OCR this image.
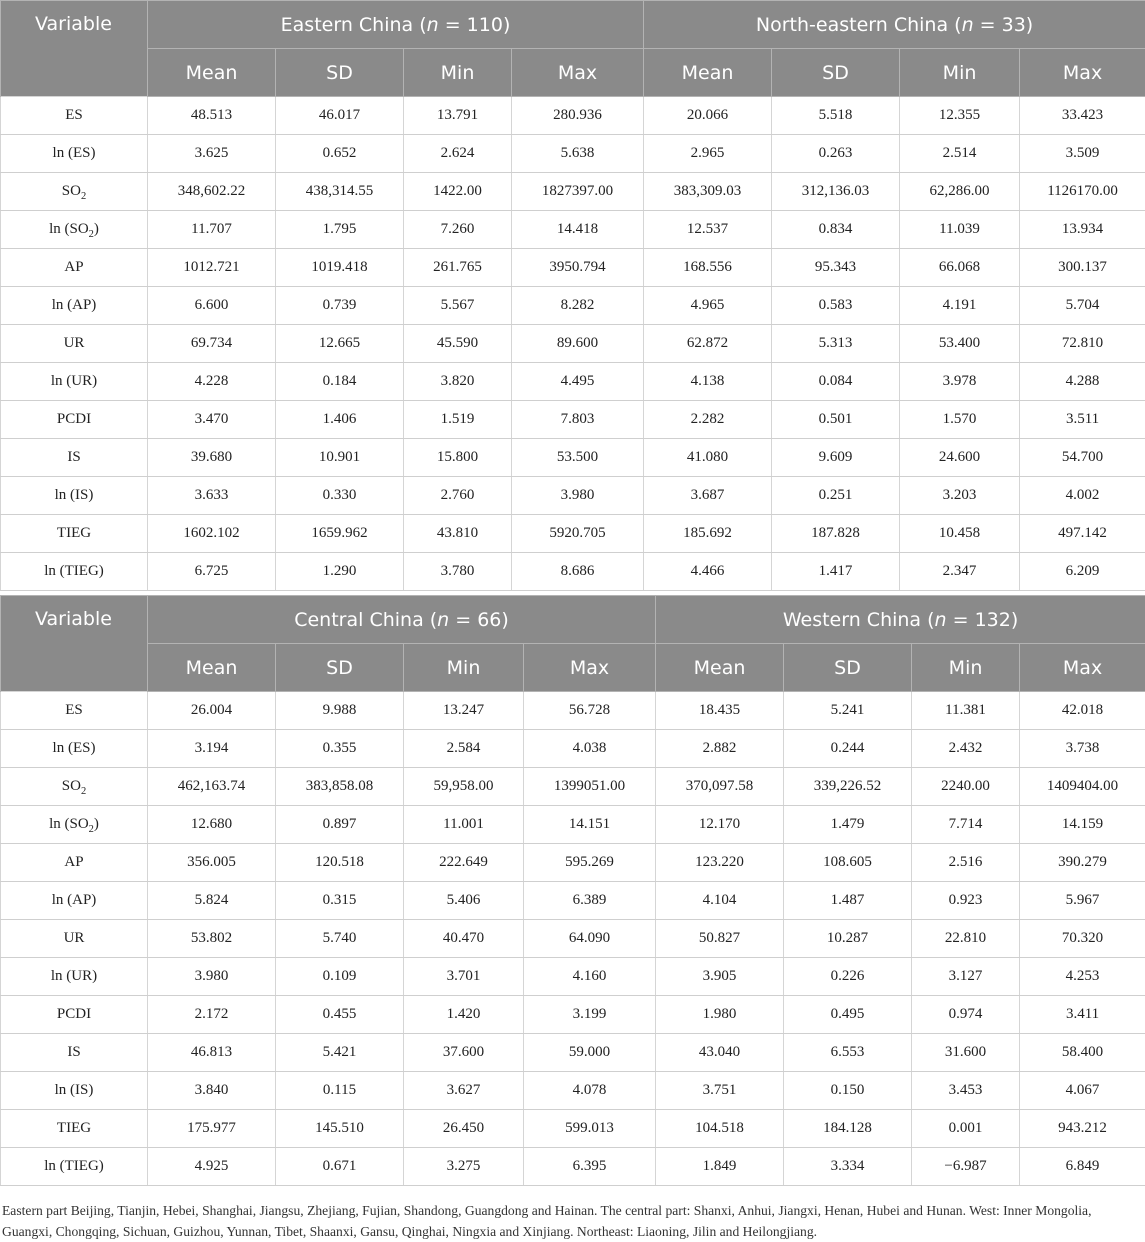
Variable	Eastern China (n = 110)				North-eastern China (n = 33)			
	Mean	SD	Min	Max	Mean	SD	Min	Max
ES	48.513	46.017	13.791	280.936	20.066	5.518	12.355	33.423
ln (ES)	3.625	0.652	2.624	5.638	2.965	0.263	2.514	3.509
$SO_2$	348,602.22	438,314.55	1422.00	1827397.00	383,309.03	312,136.03	62,286.00	1126170.00
$\ln (SO_2)$	11.707	1.795	7.260	14.418	12.537	0.834	11.039	13.934
AP	1012.721	1019.418	261.765	3950.794	168.556	95.343	66.068	300.137
ln (AP)	6.600	0.739	5.567	8.282	4.965	0.583	4.191	5.704
UR	69.734	12.665	45.590	89.600	62.872	5.313	53.400	72.810
ln (UR)	4.228	0.184	3.820	4.495	4.138	0.084	3.978	4.288
PCDI	3.470	1.406	1.519	7.803	2.282	0.501	1.570	3.511
IS	39.680	10.901	15.800	53.500	41.080	9.609	24.600	54.700
ln (IS)	3.633	0.330	2.760	3.980	3.687	0.251	3.203	4.002
TIEG	1602.102	1659.962	43.810	5920.705	185.692	187.828	10.458	497.142
ln (TIEG)	6.725	1.290	3.780	8.686	4.466	1.417	2.347	6.209
Variable	Central China (n = 66)				Western China (n = 132)			
	Mean	SD	Min	Max	Mean	SD	Min	Max
ES	26.004	9.988	13.247	56.728	18.435	5.241	11.381	42.018
ln (ES)	3.194	0.355	2.584	4.038	2.882	0.244	2.432	3.738
$SO_2$	462,163.74	383,858.08	59,958.00	1399051.00	370,097.58	339,226.52	2240.00	1409404.00
$\ln (SO_2)$	12.680	0.897	11.001	14.151	12.170	1.479	7.714	14.159
AP	356.005	120.518	222.649	595.269	123.220	108.605	2.516	390.279
ln (AP)	5.824	0.315	5.406	6.389	4.104	1.487	0.923	5.967
UR	53.802	5.740	40.470	64.090	50.827	10.287	22.810	70.320
ln (UR)	3.980	0.109	3.701	4.160	3.905	0.226	3.127	4.253
PCDI	2.172	0.455	1.420	3.199	1.980	0.495	0.974	3.411
IS	46.813	5.421	37.600	59.000	43.040	6.553	31.600	58.400
ln (IS)	3.840	0.115	3.627	4.078	3.751	0.150	3.453	4.067
TIEG	175.977	145.510	26.450	599.013	104.518	184.128	0.001	943.212
ln (TIEG)	4.925	0.671	3.275	6.395	1.849	3.334	−6.987	6.849
Eastern part Beijing, Tianjin, Hebei, Shanghai, Jiangsu, Zhejiang, Fujian, Shandong, Guangdong and Hainan. The central part: Shanxi, Anhui, Jiangxi, Henan, Hubei and Hunan. West: Inner Mongolia, Guangxi, Chongqing, Sichuan, Guizhou, Yunnan, Tibet, Shaanxi, Gansu, Qinghai, Ningxia and Xinjiang. Northeast: Liaoning, Jilin and Heilongjiang.
